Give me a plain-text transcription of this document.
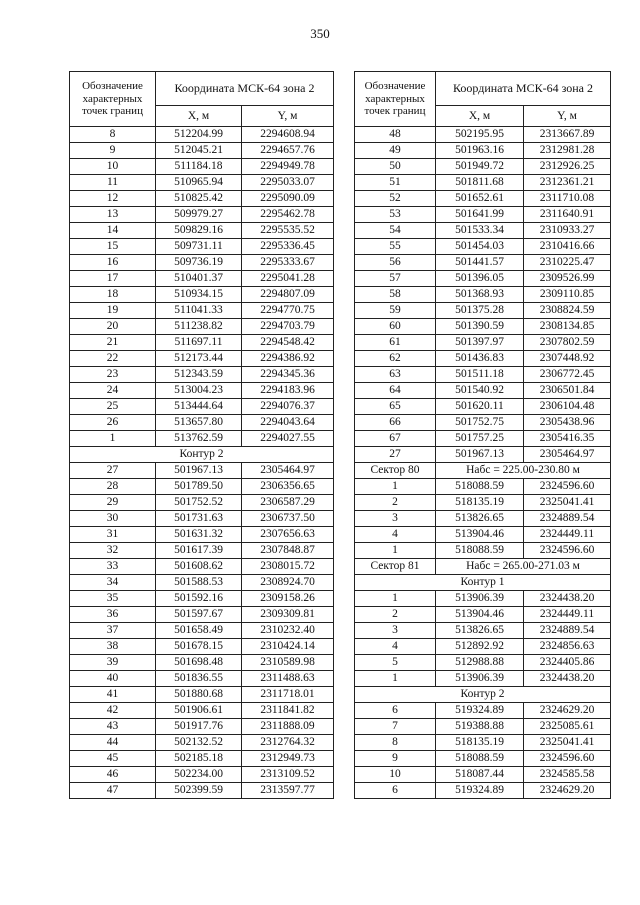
350
Обозначение характерных точек границ	Координата МСК-64 зона 2	
	Х, м	Y, м
8	512204.99	2294608.94
9	512045.21	2294657.76
10	511184.18	2294949.78
11	510965.94	2295033.07
12	510825.42	2295090.09
13	509979.27	2295462.78
14	509829.16	2295535.52
15	509731.11	2295336.45
16	509736.19	2295333.67
17	510401.37	2295041.28
18	510934.15	2294807.09
19	511041.33	2294770.75
20	511238.82	2294703.79
21	511697.11	2294548.42
22	512173.44	2294386.92
23	512343.59	2294345.36
24	513004.23	2294183.96
25	513444.64	2294076.37
26	513657.80	2294043.64
1	513762.59	2294027.55
Контур 2		
27	501967.13	2305464.97
28	501789.50	2306356.65
29	501752.52	2306587.29
30	501731.63	2306737.50
31	501631.32	2307656.63
32	501617.39	2307848.87
33	501608.62	2308015.72
34	501588.53	2308924.70
35	501592.16	2309158.26
36	501597.67	2309309.81
37	501658.49	2310232.40
38	501678.15	2310424.14
39	501698.48	2310589.98
40	501836.55	2311488.63
41	501880.68	2311718.01
42	501906.61	2311841.82
43	501917.76	2311888.09
44	502132.52	2312764.32
45	502185.18	2312949.73
46	502234.00	2313109.52
47	502399.59	2313597.77
Обозначение характерных точек границ	Координата МСК-64 зона 2	
	Х, м	Y, м
48	502195.95	2313667.89
49	501963.16	2312981.28
50	501949.72	2312926.25
51	501811.68	2312361.21
52	501652.61	2311710.08
53	501641.99	2311640.91
54	501533.34	2310933.27
55	501454.03	2310416.66
56	501441.57	2310225.47
57	501396.05	2309526.99
58	501368.93	2309110.85
59	501375.28	2308824.59
60	501390.59	2308134.85
61	501397.97	2307802.59
62	501436.83	2307448.92
63	501511.18	2306772.45
64	501540.92	2306501.84
65	501620.11	2306104.48
66	501752.75	2305438.96
67	501757.25	2305416.35
27	501967.13	2305464.97
Сектор 80	Набс = 225.00-230.80 м	
1	518088.59	2324596.60
2	518135.19	2325041.41
3	513826.65	2324889.54
4	513904.46	2324449.11
1	518088.59	2324596.60
Сектор 81	Набс = 265.00-271.03 м	
Контур 1		
1	513906.39	2324438.20
2	513904.46	2324449.11
3	513826.65	2324889.54
4	512892.92	2324856.63
5	512988.88	2324405.86
1	513906.39	2324438.20
Контур 2		
6	519324.89	2324629.20
7	519388.88	2325085.61
8	518135.19	2325041.41
9	518088.59	2324596.60
10	518087.44	2324585.58
6	519324.89	2324629.20
